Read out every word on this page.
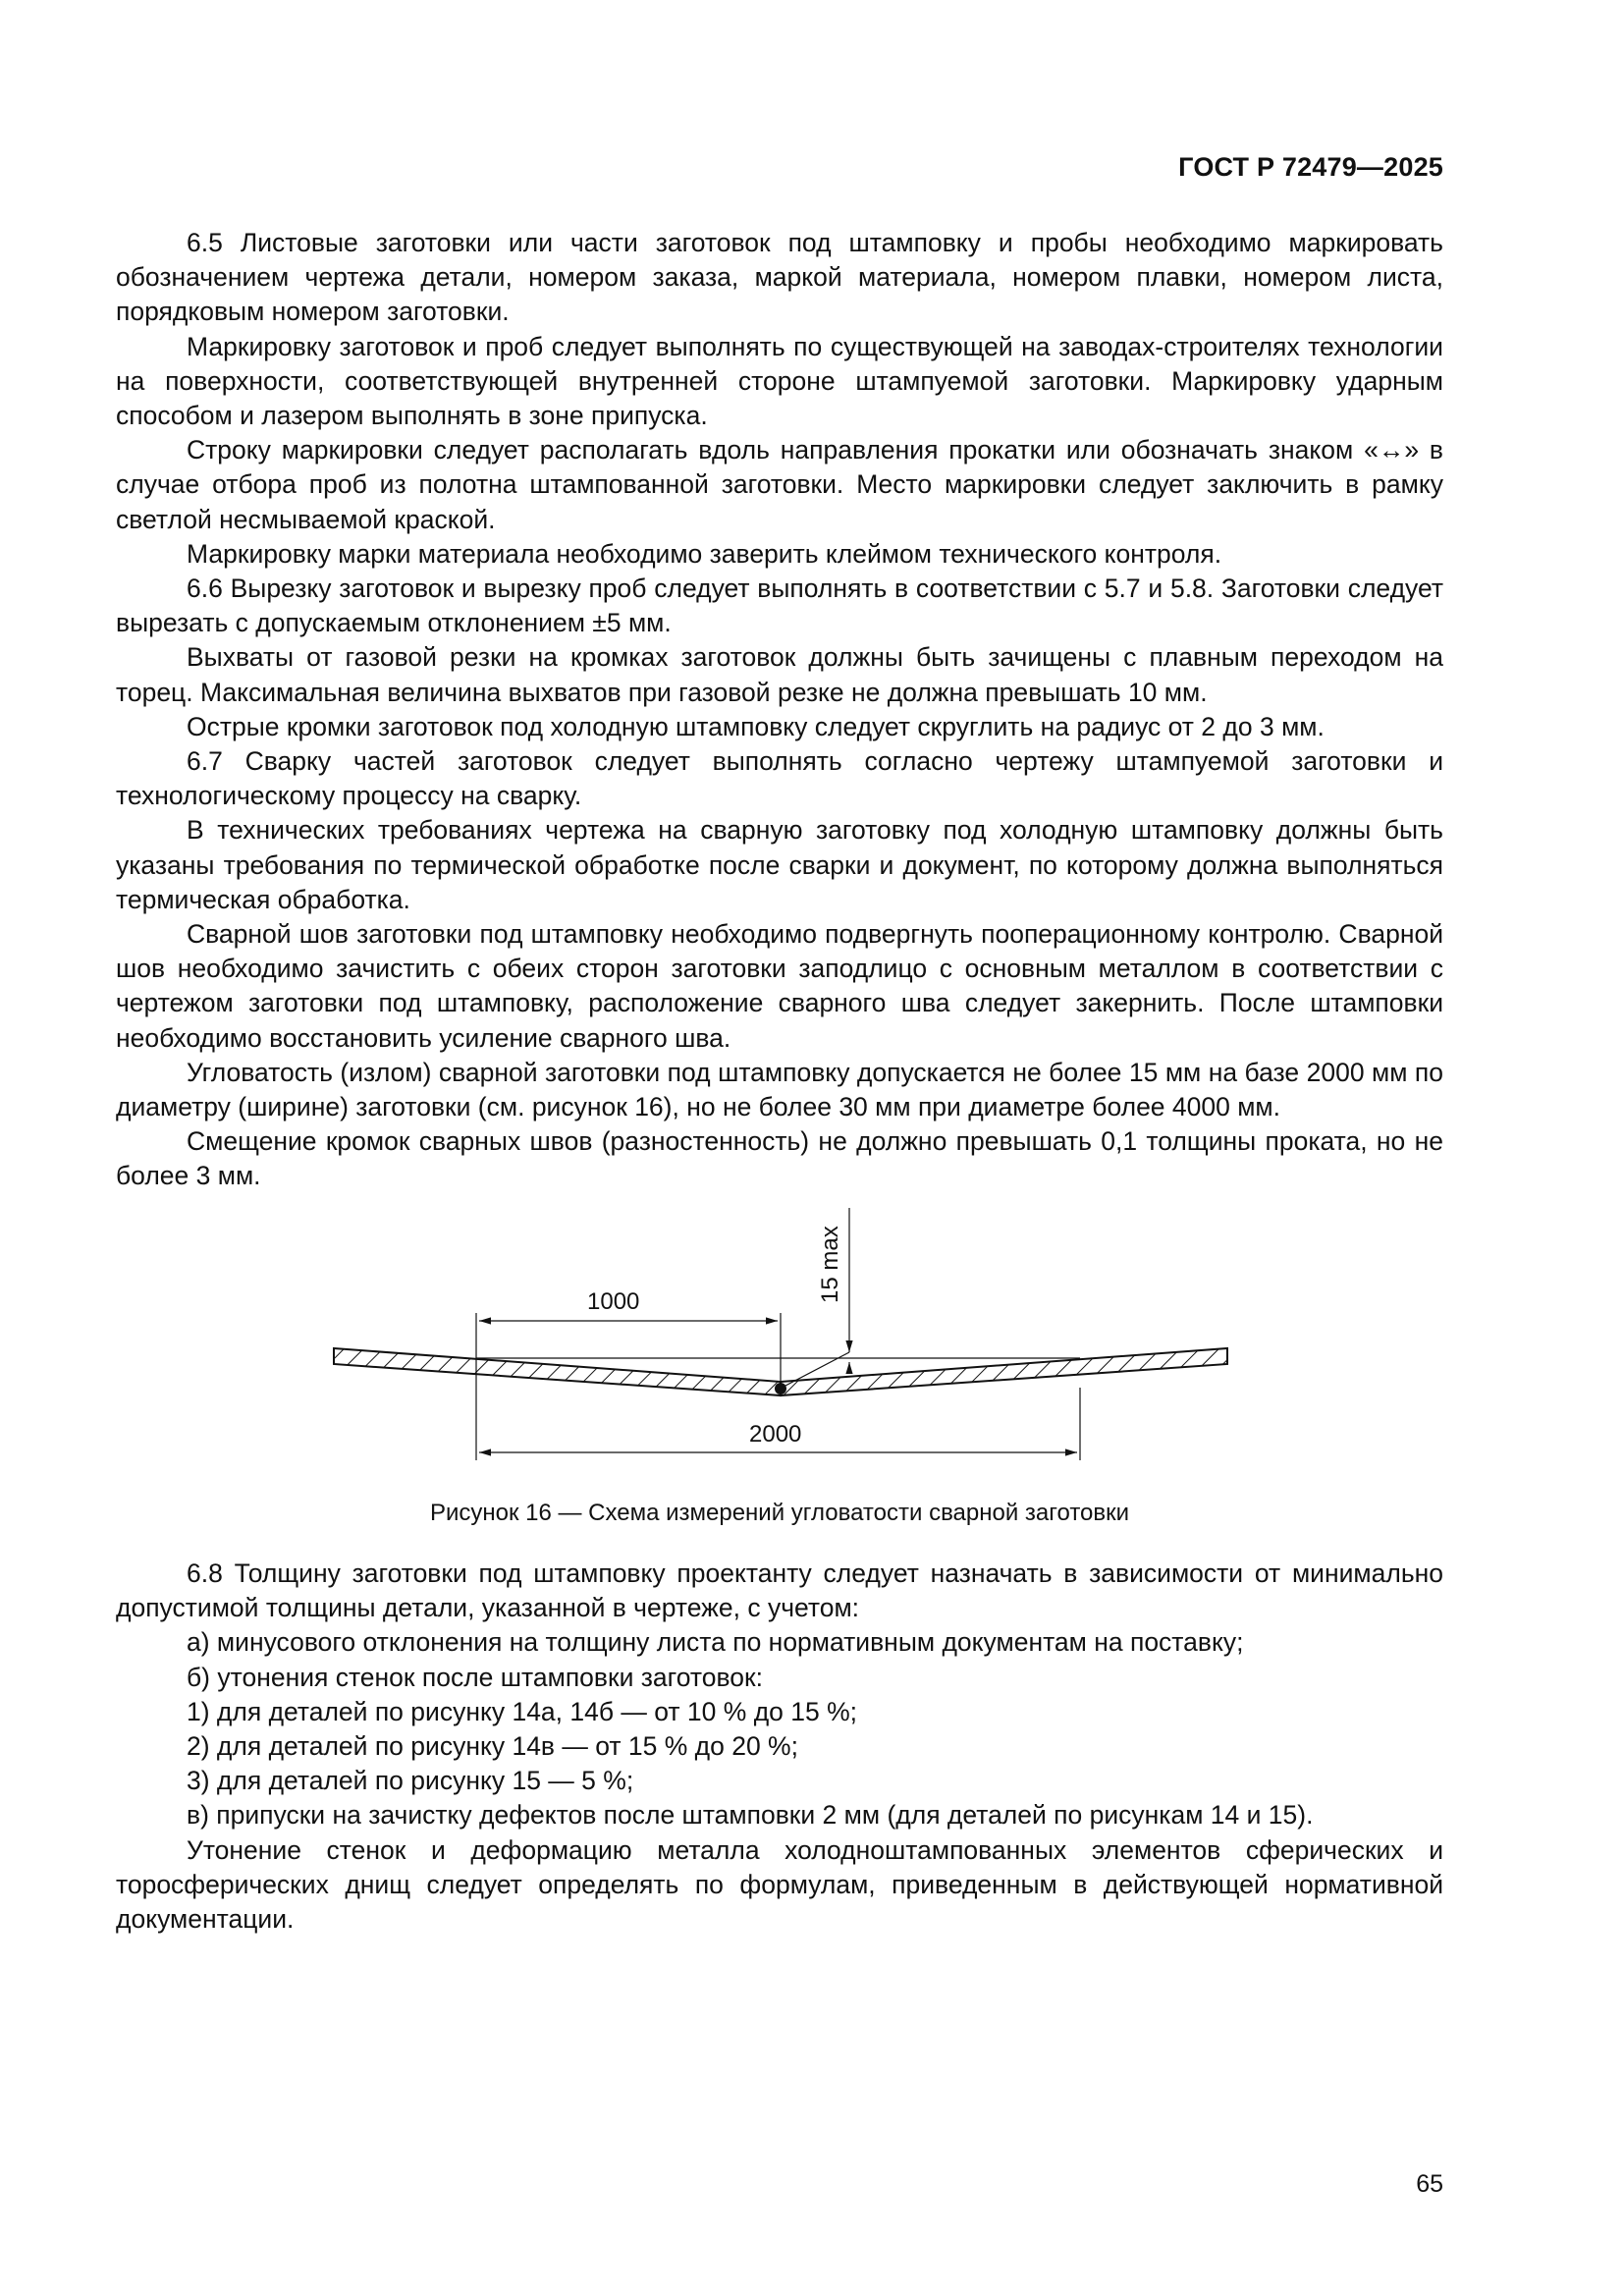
ГОСТ Р 72479—2025

6.5 Листовые заготовки или части заготовок под штамповку и пробы необходимо маркировать обозначением чертежа детали, номером заказа, маркой материала, номером плавки, номером листа, порядковым номером заготовки.

Маркировку заготовок и проб следует выполнять по существующей на заводах-строителях технологии на поверхности, соответствующей внутренней стороне штампуемой заготовки. Маркировку ударным способом и лазером выполнять в зоне припуска.

Строку маркировки следует располагать вдоль направления прокатки или обозначать знаком «↔» в случае отбора проб из полотна штампованной заготовки. Место маркировки следует заключить в рамку светлой несмываемой краской.

Маркировку марки материала необходимо заверить клеймом технического контроля.

6.6 Вырезку заготовок и вырезку проб следует выполнять в соответствии с 5.7 и 5.8. Заготовки следует вырезать с допускаемым отклонением ±5 мм.

Выхваты от газовой резки на кромках заготовок должны быть зачищены с плавным переходом на торец. Максимальная величина выхватов при газовой резке не должна превышать 10 мм.

Острые кромки заготовок под холодную штамповку следует скруглить на радиус от 2 до 3 мм.

6.7 Сварку частей заготовок следует выполнять согласно чертежу штампуемой заготовки и технологическому процессу на сварку.

В технических требованиях чертежа на сварную заготовку под холодную штамповку должны быть указаны требования по термической обработке после сварки и документ, по которому должна выполняться термическая обработка.

Сварной шов заготовки под штамповку необходимо подвергнуть пооперационному контролю. Сварной шов необходимо зачистить с обеих сторон заготовки заподлицо с основным металлом в соответствии с чертежом заготовки под штамповку, расположение сварного шва следует закернить. После штамповки необходимо восстановить усиление сварного шва.

Угловатость (излом) сварной заготовки под штамповку допускается не более 15 мм на базе 2000 мм по диаметру (ширине) заготовки (см. рисунок 16), но не более 30 мм при диаметре более 4000 мм.

Смещение кромок сварных швов (разностенность) не должно превышать 0,1 толщины проката, но не более 3 мм.

1000
2000
15 max
Рисунок 16 — Схема измерений угловатости сварной заготовки

6.8 Толщину заготовки под штамповку проектанту следует назначать в зависимости от минимально допустимой толщины детали, указанной в чертеже, с учетом:

а) минусового отклонения на толщину листа по нормативным документам на поставку;

б) утонения стенок после штамповки заготовок:

1) для деталей по рисунку 14а, 14б — от 10 % до 15 %;

2) для деталей по рисунку 14в — от 15 % до 20 %;

3) для деталей по рисунку 15 — 5 %;

в) припуски на зачистку дефектов после штамповки 2 мм (для деталей по рисункам 14 и 15).

Утонение стенок и деформацию металла холодноштампованных элементов сферических и торосферических днищ следует определять по формулам, приведенным в действующей нормативной документации.

65
